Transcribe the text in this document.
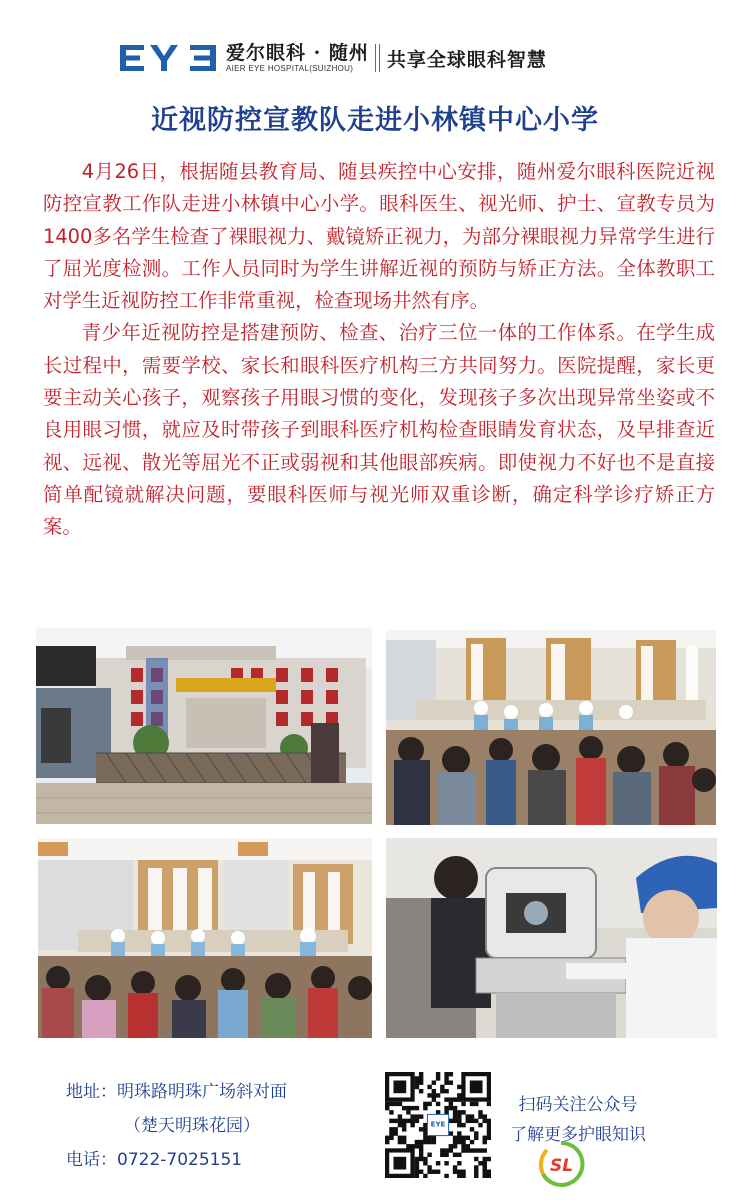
爱尔眼科 · 随州
AIER EYE HOSPITAL(SUIZHOU)	共享全球眼科智慧
近视防控宣教队走进小林镇中心小学

4月26日，根据随县教育局、随县疾控中心安排，随州爱尔眼科医院近视防控宣教工作队走进小林镇中心小学。眼科医生、视光师、护士、宣教专员为1400多名学生检查了裸眼视力、戴镜矫正视力，为部分裸眼视力异常学生进行了屈光度检测。工作人员同时为学生讲解近视的预防与矫正方法。全体教职工对学生近视防控工作非常重视，检查现场井然有序。

青少年近视防控是搭建预防、检查、治疗三位一体的工作体系。在学生成长过程中，需要学校、家长和眼科医疗机构三方共同努力。医院提醒，家长更要主动关心孩子，观察孩子用眼习惯的变化，发现孩子多次出现异常坐姿或不良用眼习惯，就应及时带孩子到眼科医疗机构检查眼睛发育状态，及早排查近视、远视、散光等屈光不正或弱视和其他眼部疾病。即使视力不好也不是直接简单配镜就解决问题，要眼科医师与视光师双重诊断，确定科学诊疗矫正方案。

地址：明珠路明珠广场斜对面
（楚天明珠花园）
电话：0722-7025151
EYE
扫码关注公众号
了解更多护眼知识
SL
